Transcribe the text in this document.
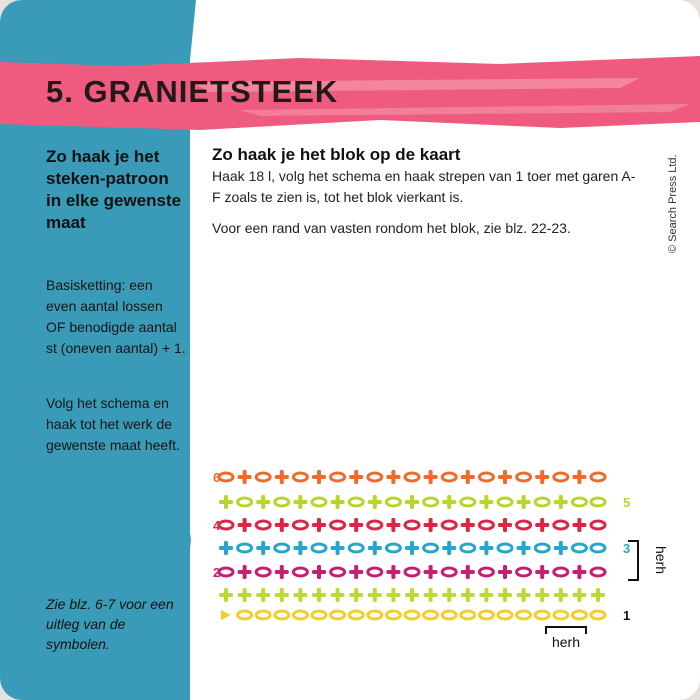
5. GRANIETSTEEK
Zo haak je het steken-patroon in elke gewenste maat
Basisketting: een even aantal lossen OF benodigde aantal st (oneven aantal) + 1.
Volg het schema en haak tot het werk de gewenste maat heeft.
Zie blz. 6-7 voor een uitleg van de symbolen.
Zo haak je het blok op de kaart
Haak 18 l, volg het schema en haak strepen van 1 toer met garen A-F zoals te zien is, tot het blok vierkant is.
Voor een rand van vasten rondom het blok, zie blz. 22-23.	© Search Press Ltd.
6
5
4
3
2
1
herh
herh
